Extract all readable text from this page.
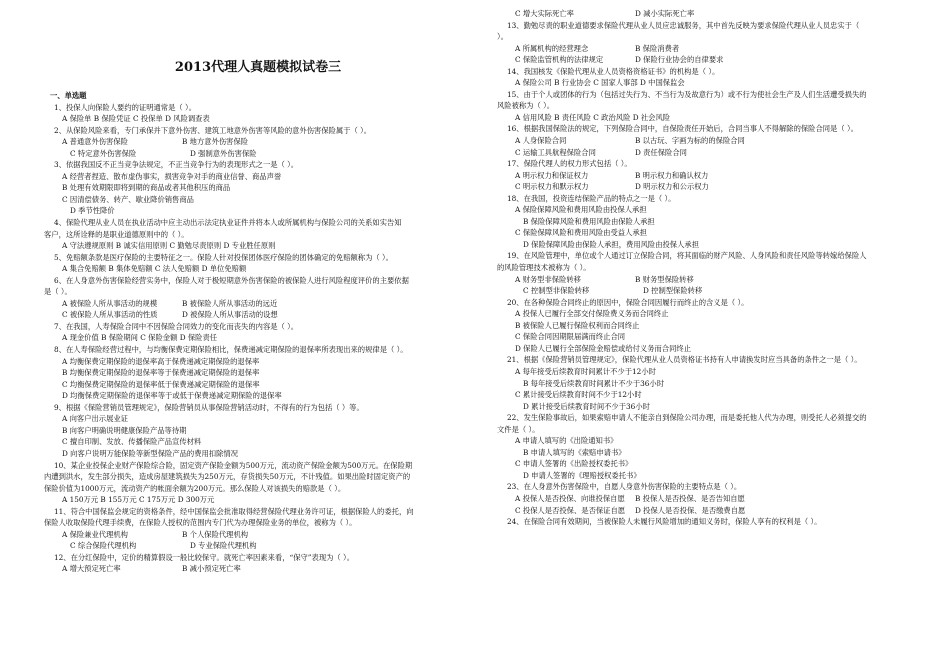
2013代理人真题模拟试卷三
一、单选题
1、投保人向保险人要约的证明通常是（ ）。
A 保险单 B 保险凭证 C 投保单 D 风险调查表
2、从保险风险来看，专门承保并下意外伤害、建筑工地意外伤害等风险的意外伤害保险属于（ ）。
A 普通意外伤害保险	B 地方意外伤害保险
C 特定意外伤害保险	D 强制意外伤害保险
3、依据我国反不正当竞争法规定，不正当竞争行为的表现形式之一是（ ）。
A 经营者捏造、散布虚伪事实，损害竞争对手的商业信誉、商品声誉
B 处理有效期限即将到期的商品或者其他积压的商品
C 因清偿债务、转产、歇业降价销售商品
D 季节性降价
4、保险代理从业人员在执业活动中应主动出示法定执业证件并将本人或所属机构与保险公司的关系如实告知
客户，这所诠释的是职业道德原则中的（ ）。
A 守法遵规原则 B 诚实信用原则 C 勤勉尽责原则 D 专业胜任原则
5、免赔额条款是医疗保险的主要特征之一。保险人针对投保团体医疗保险的团体确定的免赔额称为（ ）。
A 集合免赔额 B 集体免赔额 C 法人免赔额 D 单位免赔额
6、在人身意外伤害保险经营实务中，保险人对于极短期意外伤害保险的被保险人进行风险程度评价的主要依据
是（ ）。
A 被保险人所从事活动的规模	B 被保险人所从事活动的远近
C 被保险人所从事活动的性质	D 被保险人所从事活动的设想
7、在我国，人寿保险合同中不因保险合同效力的变化而丧失的内容是（ ）。
A 现金价值 B 保险期间 C 保险金额 D 保险责任
8、在人寿保险经营过程中，与均衡保费定期保险相比，保费递减定期保险的退保率所表现出来的规律是（ ）。
A 均衡保费定期保险的退保率高于保费递减定期保险的退保率
B 均衡保费定期保险的退保率等于保费递减定期保险的退保率
C 均衡保费定期保险的退保率低于保费递减定期保险的退保率
D 均衡保费定期保险的退保率等于或低于保费递减定期保险的退保率
9、根据《保险营销员管理规定》，保险营销员从事保险营销活动时，不得有的行为包括（ ）等。
A 向客户出示展业证
B 向客户明确说明健康保险产品等待期
C 擅自印制、发放、传播保险产品宣传材料
D 向客户说明万能保险等新型保险产品的费用扣除情况
10、某企业投保企业财产保险综合险，固定资产保险金额为500万元，流动资产保险金额为500万元。在保险期
内遭到洪水，发生部分损失，造成房屋建筑损失为250万元，存货损失50万元，不计残值。如果出险时固定资产的
保险价值为1000万元，流动资产的帐面余额为200万元。那么保险人对该损失的赔款是（ ）。
A 150万元 B 155万元 C 175万元 D 300万元
11、符合中国保监会规定的资格条件，经中国保监会批准取得经营保险代理业务许可证，根据保险人的委托，向
保险人收取保险代理手续费，在保险人授权的范围内专门代为办理保险业务的单位，被称为（ ）。
A 保险兼业代理机构	B 个人保险代理机构
C 综合保险代理机构	D 专业保险代理机构
12、在分红保险中，定价的精算假设一般比较保守。就死亡率因素来看，“保守”表现为（ ）。
A 增大预定死亡率	B 减小预定死亡率
C 增大实际死亡率	D 减小实际死亡率
13、勤勉尽责的职业道德要求保险代理从业人员应忠诚服务，其中首先反映为要求保险代理从业人员忠实于（
）。
A 所属机构的经营理念	B 保险消费者
C 保险监管机构的法律规定	D 保险行业协会的自律要求
14、我国核发《保险代理从业人员资格资格证书》的机构是（ ）。
A 保险公司 B 行业协会 C 国家人事部 D 中国保监会
15、由于个人或团体的行为（包括过失行为、不当行为及故意行为）或不行为使社会生产及人们生活遭受损失的
风险被称为（ ）。
A 信用风险 B 责任风险 C 政治风险 D 社会风险
16、根据我国保险法的规定，下列保险合同中，自保险责任开始后，合同当事人不得解除的保险合同是（ ）。
A 人身保险合同	B 以古玩、字画为标的的保险合同
C 运输工具航程保险合同	D 责任保险合同
17、保险代理人的权力形式包括（ ）。
A 明示权力和保证权力	B 明示权力和确认权力
C 明示权力和默示权力	D 明示权力和公示权力
18、在我国，投资连结保险产品的特点之一是（ ）。
A 保险保障风险和费用风险由投保人承担
B 保险保障风险和费用风险由保险人承担
C 保险保障风险和费用风险由受益人承担
D 保险保障风险由保险人承担，费用风险由投保人承担
19、在风险管理中，单位或个人通过订立保险合同，将其面临的财产风险、人身风险和责任风险等转嫁给保险人
的风险管理技术被称为（ ）。
A 财务型非保险转移	B 财务型保险转移
C 控制型非保险转移	D 控制型保险转移
20、在各种保险合同终止的原因中，保险合同因履行而终止的含义是（ ）。
A 投保人已履行全部交付保险费义务而合同终止
B 被保险人已履行保险权利而合同终止
C 保险合同因期限届满而终止合同
D 保险人已履行全部保险金赔偿或给付义务而合同终止
21、根据《保险营销员管理规定》，保险代理从业人员资格证书持有人申请换发时应当具备的条件之一是（ ）。
A 每年接受后续教育时间累计不少于12小时
B 每年接受后续教育时间累计不少于36小时
C 累计接受后续教育时间不少于12小时
D 累计接受后续教育时间不少于36小时
22、发生保险事故后，如果索赔申请人不能亲自到保险公司办理，而是委托他人代为办理，则受托人必须提交的
文件是（ ）。
A 申请人填写的《出险通知书》
B 申请人填写的《索赔申请书》
C 申请人签署的《出险授权委托书》
D 申请人签署的《理赔授权委托书》
23、在人身意外伤害保险中，自愿人身意外伤害保险的主要特点是（ ）。
A 投保人是否投保、向谁投保自愿 B 投保人是否投保、是否告知自愿
C 投保人是否投保、是否保证自愿 D 投保人是否投保、是否缴费自愿
24、在保险合同有效期间，当被保险人未履行风险增加的通知义务时，保险人享有的权利是（ ）。
